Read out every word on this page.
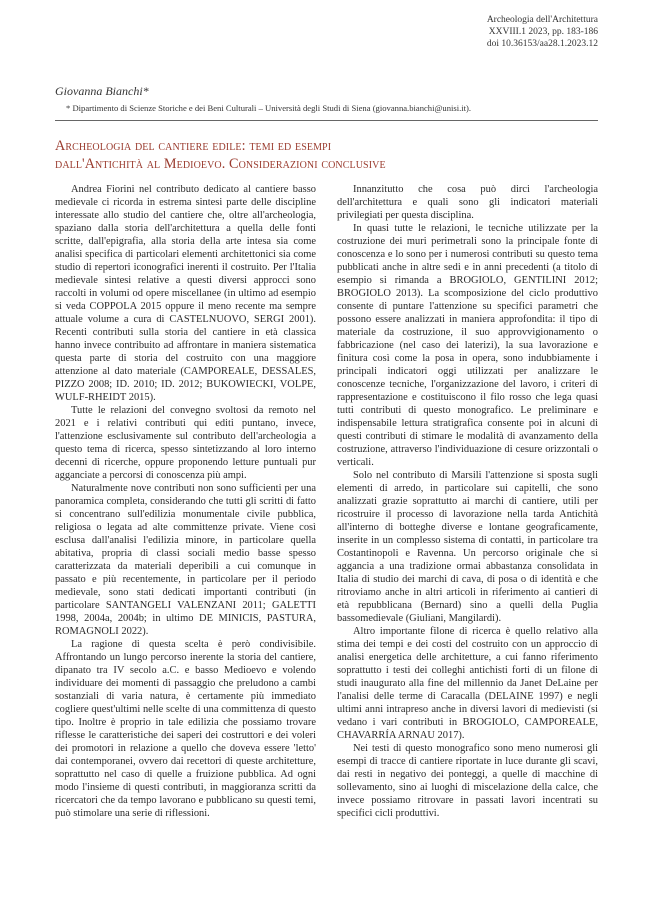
Archeologia dell'Architettura
XXVIII.1 2023, pp. 183-186
doi 10.36153/aa28.1.2023.12
Giovanna Bianchi*
* Dipartimento di Scienze Storiche e dei Beni Culturali – Università degli Studi di Siena (giovanna.bianchi@unisi.it).
Archeologia del cantiere edile: temi ed esempi
dall'Antichità al Medioevo. Considerazioni conclusive

Andrea Fiorini nel contributo dedicato al cantiere basso medievale ci ricorda in estrema sintesi parte delle discipline interessate allo studio del cantiere che, oltre all'archeologia, spaziano dalla storia dell'architettura a quella delle fonti scritte, dall'epigrafia, alla storia della arte intesa sia come analisi specifica di particolari elementi architettonici sia come studio di repertori iconografici inerenti il costruito. Per l'Italia medievale sintesi relative a questi diversi approcci sono raccolti in volumi od opere miscellanee (in ultimo ad esempio si veda COPPOLA 2015 oppure il meno recente ma sempre attuale volume a cura di CASTELNUOVO, SERGI 2001). Recenti contributi sulla storia del cantiere in età classica hanno invece contribuito ad affrontare in maniera sistematica questa parte di storia del costruito con una maggiore attenzione al dato materiale (CAMPOREALE, DESSALES, PIZZO 2008; ID. 2010; ID. 2012; BUKOWIECKI, VOLPE, WULF-RHEIDT 2015).

Tutte le relazioni del convegno svoltosi da remoto nel 2021 e i relativi contributi qui editi puntano, invece, l'attenzione esclusivamente sul contributo dell'archeologia a questo tema di ricerca, spesso sintetizzando al loro interno decenni di ricerche, oppure proponendo letture puntuali pur agganciate a percorsi di conoscenza più ampi.

Naturalmente nove contributi non sono sufficienti per una panoramica completa, considerando che tutti gli scritti di fatto si concentrano sull'edilizia monumentale civile pubblica, religiosa o legata ad alte committenze private. Viene così esclusa dall'analisi l'edilizia minore, in particolare quella abitativa, propria di classi sociali medio basse spesso caratterizzata da materiali deperibili a cui comunque in passato e più recentemente, in particolare per il periodo medievale, sono stati dedicati importanti contributi (in particolare SANTANGELI VALENZANI 2011; GALETTI 1998, 2004a, 2004b; in ultimo DE MINICIS, PASTURA, ROMAGNOLI 2022).

La ragione di questa scelta è però condivisibile. Affrontando un lungo percorso inerente la storia del cantiere, dipanato tra IV secolo a.C. e basso Medioevo e volendo individuare dei momenti di passaggio che preludono a cambi sostanziali di varia natura, è certamente più immediato cogliere quest'ultimi nelle scelte di una committenza di questo tipo. Inoltre è proprio in tale edilizia che possiamo trovare riflesse le caratteristiche dei saperi dei costruttori e dei voleri dei promotori in relazione a quello che doveva essere 'letto' dai contemporanei, ovvero dai recettori di queste architetture, soprattutto nel caso di quelle a fruizione pubblica. Ad ogni modo l'insieme di questi contributi, in maggioranza scritti da ricercatori che da tempo lavorano e pubblicano su questi temi, può stimolare una serie di riflessioni.

Innanzitutto che cosa può dirci l'archeologia dell'architettura e quali sono gli indicatori materiali privilegiati per questa disciplina.

In quasi tutte le relazioni, le tecniche utilizzate per la costruzione dei muri perimetrali sono la principale fonte di conoscenza e lo sono per i numerosi contributi su questo tema pubblicati anche in altre sedi e in anni precedenti (a titolo di esempio si rimanda a BROGIOLO, GENTILINI 2012; BROGIOLO 2013). La scomposizione del ciclo produttivo consente di puntare l'attenzione su specifici parametri che possono essere analizzati in maniera approfondita: il tipo di materiale da costruzione, il suo approvvigionamento o fabbricazione (nel caso dei laterizi), la sua lavorazione e finitura così come la posa in opera, sono indubbiamente i principali indicatori oggi utilizzati per analizzare le conoscenze tecniche, l'organizzazione del lavoro, i criteri di rappresentazione e costituiscono il filo rosso che lega quasi tutti contributi di questo monografico. Le preliminare e indispensabile lettura stratigrafica consente poi in alcuni di questi contributi di stimare le modalità di avanzamento della costruzione, attraverso l'individuazione di cesure orizzontali o verticali.

Solo nel contributo di Marsili l'attenzione si sposta sugli elementi di arredo, in particolare sui capitelli, che sono analizzati grazie soprattutto ai marchi di cantiere, utili per ricostruire il processo di lavorazione nella tarda Antichità all'interno di botteghe diverse e lontane geograficamente, inserite in un complesso sistema di contatti, in particolare tra Costantinopoli e Ravenna. Un percorso originale che si aggancia a una tradizione ormai abbastanza consolidata in Italia di studio dei marchi di cava, di posa o di identità e che ritroviamo anche in altri articoli in riferimento ai cantieri di età repubblicana (Bernard) sino a quelli della Puglia bassomedievale (Giuliani, Mangilardi).

Altro importante filone di ricerca è quello relativo alla stima dei tempi e dei costi del costruito con un approccio di analisi energetica delle architetture, a cui fanno riferimento soprattutto i testi dei colleghi antichisti forti di un filone di studi inaugurato alla fine del millennio da Janet DeLaine per l'analisi delle terme di Caracalla (DELAINE 1997) e negli ultimi anni intrapreso anche in diversi lavori di medievisti (si vedano i vari contributi in BROGIOLO, CAMPOREALE, CHAVARRÍA ARNAU 2017).

Nei testi di questo monografico sono meno numerosi gli esempi di tracce di cantiere riportate in luce durante gli scavi, dai resti in negativo dei ponteggi, a quelle di macchine di sollevamento, sino ai luoghi di miscelazione della calce, che invece possiamo ritrovare in passati lavori incentrati su specifici cicli produttivi.
